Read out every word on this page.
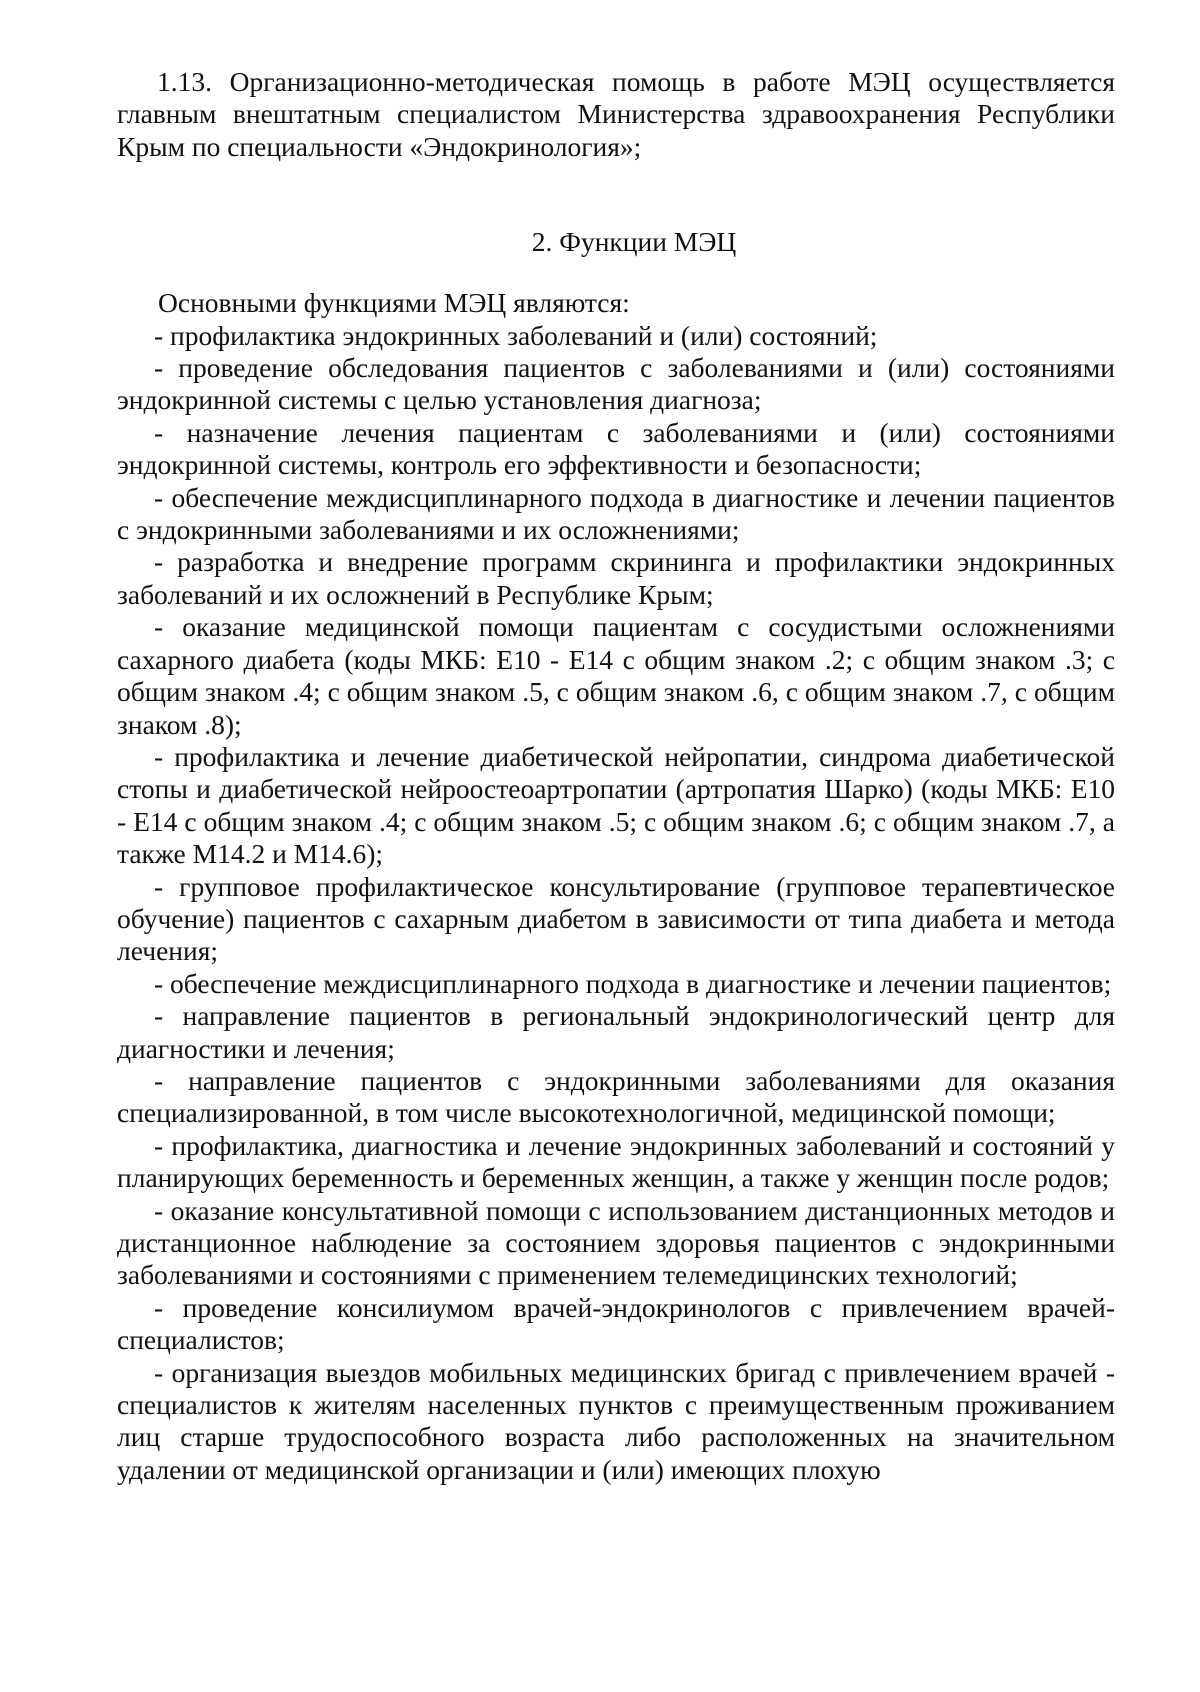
1.13. Организационно-методическая помощь в работе МЭЦ осуществляется главным внештатным специалистом Министерства здравоохранения Республики Крым по специальности «Эндокринология»;

2. Функции МЭЦ

Основными функциями МЭЦ являются:

- профилактика эндокринных заболеваний и (или) состояний;

- проведение обследования пациентов с заболеваниями и (или) состояниями эндокринной системы с целью установления диагноза;

- назначение лечения пациентам с заболеваниями и (или) состояниями эндокринной системы, контроль его эффективности и безопасности;

- обеспечение междисциплинарного подхода в диагностике и лечении пациентов с эндокринными заболеваниями и их осложнениями;

- разработка и внедрение программ скрининга и профилактики эндокринных заболеваний и их осложнений в Республике Крым;

- оказание медицинской помощи пациентам с сосудистыми осложнениями сахарного диабета (коды МКБ: Е10 - Е14 с общим знаком .2; с общим знаком .3; с общим знаком .4; с общим знаком .5, с общим знаком .6, с общим знаком .7, с общим знаком .8);

- профилактика и лечение диабетической нейропатии, синдрома диабетической стопы и диабетической нейроостеоартропатии (артропатия Шарко) (коды МКБ: Е10 - Е14 с общим знаком .4; с общим знаком .5; с общим знаком .6; с общим знаком .7, а также М14.2 и М14.6);

- групповое профилактическое консультирование (групповое терапевтическое обучение) пациентов с сахарным диабетом в зависимости от типа диабета и метода лечения;

- обеспечение междисциплинарного подхода в диагностике и лечении пациентов;

- направление пациентов в региональный эндокринологический центр для диагностики и лечения;

- направление пациентов с эндокринными заболеваниями для оказания специализированной, в том числе высокотехнологичной, медицинской помощи;

- профилактика, диагностика и лечение эндокринных заболеваний и состояний у планирующих беременность и беременных женщин, а также у женщин после родов;

- оказание консультативной помощи с использованием дистанционных методов и дистанционное наблюдение за состоянием здоровья пациентов с эндокринными заболеваниями и состояниями с применением телемедицинских технологий;

- проведение консилиумом врачей-эндокринологов с привлечением врачей-специалистов;

- организация выездов мобильных медицинских бригад с привлечением врачей - специалистов к жителям населенных пунктов с преимущественным проживанием лиц старше трудоспособного возраста либо расположенных на значительном удалении от медицинской организации и (или) имеющих плохую
